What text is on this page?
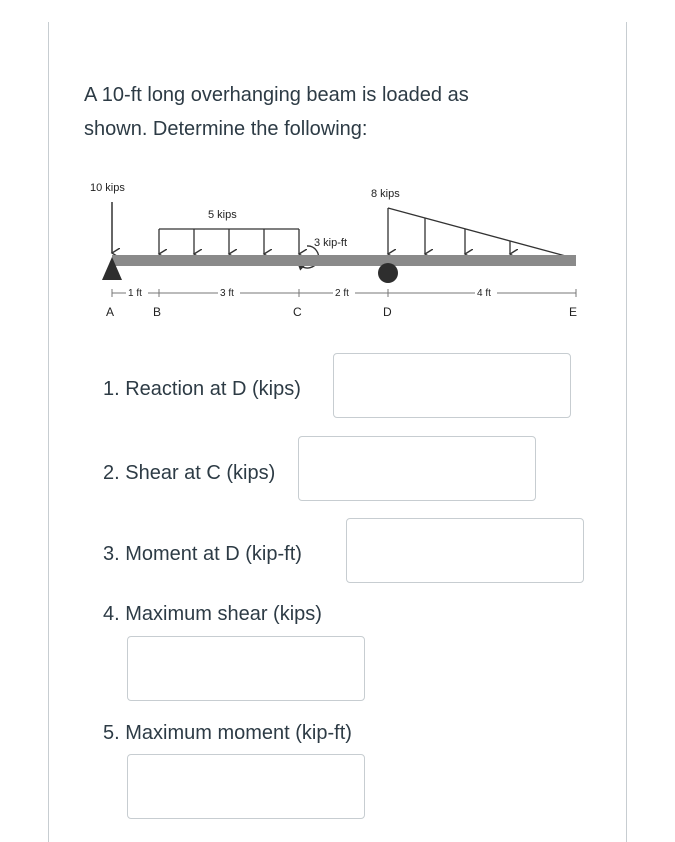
A 10-ft long overhanging beam is loaded as
shown. Determine the following:
10 kips
5 kips
3 kip-ft
8 kips
1 ft	3 ft	2 ft	4 ft
A	B	C	D	E
1. Reaction at D (kips)
2. Shear at C (kips)
3. Moment at D (kip-ft)
4. Maximum shear (kips)
5. Maximum moment (kip-ft)
